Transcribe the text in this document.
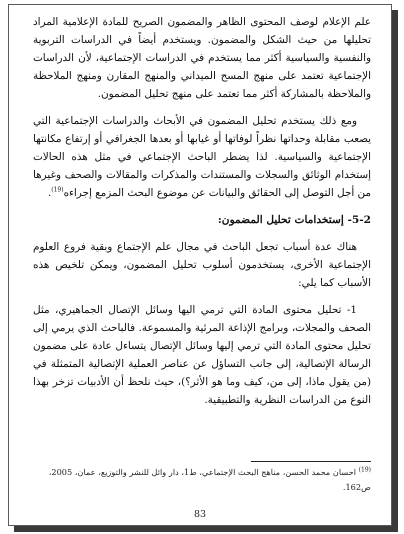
علم الإعلام لوصف المحتوى الظاهر والمضمون الصريح للمادة الإعلامية المراد تحليلها من حيث الشكل والمضمون. ويستخدم أيضاً في الدراسات التربوية والنفسية والسياسية أكثر مما يستخدم في الدراسات الإجتماعية، لأن الدراسات الإجتماعية تعتمد على منهج المسح الميداني والمنهج المقارن ومنهج الملاحظة والملاحظة بالمشاركة أكثر مما تعتمد على منهج تحليل المضمون.

ومع ذلك يستخدم تحليل المضمون في الأبحاث والدراسات الإجتماعية التي يصعب مقابلة وحداتها نظراً لوفاتها أو غيابها أو بعدها الجغرافي أو إرتفاع مكانتها الإجتماعية والسياسية. لذا يضطر الباحث الإجتماعي في مثل هذه الحالات إستخدام الوثائق والسجلات والمستندات والمذكرات والمقالات والصحف وغيرها من أجل التوصل إلى الحقائق والبيانات عن موضوع البحث المزمع إجراءه$^{(19)}$.

5-2- إستخدامات تحليل المضمون:

هناك عدة أسباب تجعل الباحث في مجال علم الإجتماع وبقية فروع العلوم الإجتماعية الأخرى، يستخدمون أسلوب تحليل المضمون، ويمكن تلخيص هذه الأسباب كما يلي:

1- تحليل محتوى المادة التي ترمي اليها وسائل الإتصال الجماهيري، مثل الصحف والمجلات، وبرامج الإذاعة المرئية والمسموعة. فالباحث الذي يرمي إلى تحليل محتوى المادة التي ترمي إليها وسائل الإتصال يتساءل عادة على مضمون الرسالة الإتصالية، إلى جانب التساؤل عن عناصر العملية الإتصالية المتمثلة في (من يقول ماذا، إلى من، كيف وما هو الأثر؟)، حيث نلحظ أن الأدبيات تزخر بهذا النوع من الدراسات النظرية والتطبيقية.

$^{(19)}$ احسان محمد الحسن، مناهج البحث الإجتماعي، ط1، دار وائل للنشر والتوزيع، عمان، 2005، ص162.
83
